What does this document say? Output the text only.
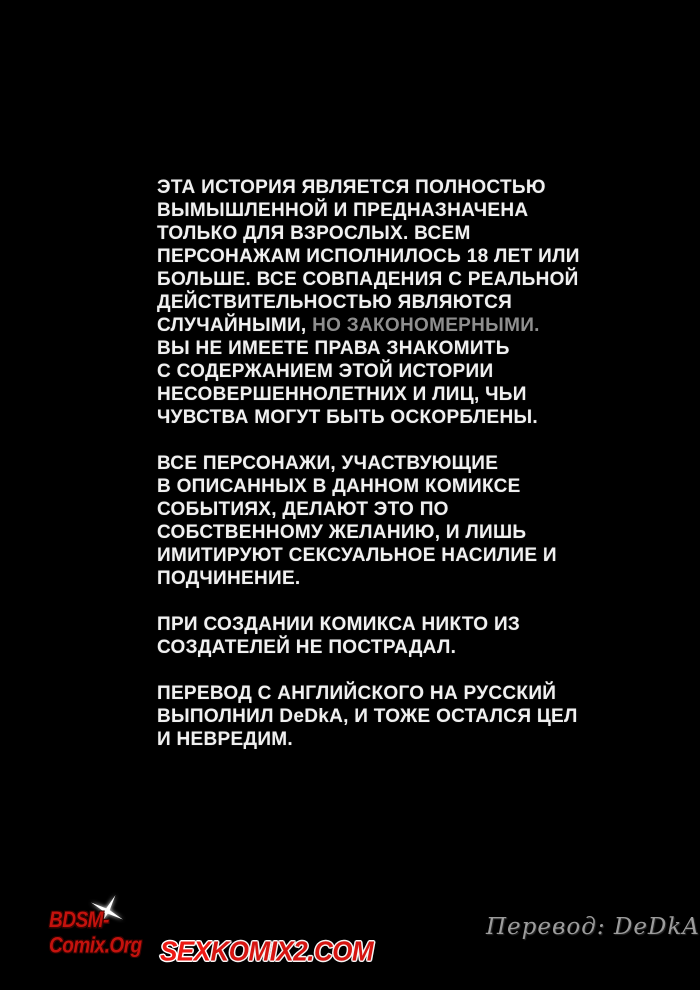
ЭТА ИСТОРИЯ ЯВЛЯЕТСЯ ПОЛНОСТЬЮ
ВЫМЫШЛЕННОЙ И ПРЕДНАЗНАЧЕНА
ТОЛЬКО ДЛЯ ВЗРОСЛЫХ. ВСЕМ
ПЕРСОНАЖАМ ИСПОЛНИЛОСЬ 18 ЛЕТ ИЛИ
БОЛЬШЕ. ВСЕ СОВПАДЕНИЯ С РЕАЛЬНОЙ
ДЕЙСТВИТЕЛЬНОСТЬЮ ЯВЛЯЮТСЯ
СЛУЧАЙНЫМИ, НО ЗАКОНОМЕРНЫМИ.
ВЫ НЕ ИМЕЕТЕ ПРАВА ЗНАКОМИТЬ
С СОДЕРЖАНИЕМ ЭТОЙ ИСТОРИИ
НЕСОВЕРШЕННОЛЕТНИХ И ЛИЦ, ЧЬИ
ЧУВСТВА МОГУТ БЫТЬ ОСКОРБЛЕНЫ.
ВСЕ ПЕРСОНАЖИ, УЧАСТВУЮЩИЕ
В ОПИСАННЫХ В ДАННОМ КОМИКСЕ
СОБЫТИЯХ, ДЕЛАЮТ ЭТО ПО
СОБСТВЕННОМУ ЖЕЛАНИЮ, И ЛИШЬ
ИМИТИРУЮТ СЕКСУАЛЬНОЕ НАСИЛИЕ И
ПОДЧИНЕНИЕ.
ПРИ СОЗДАНИИ КОМИКСА НИКТО ИЗ
СОЗДАТЕЛЕЙ НЕ ПОСТРАДАЛ.
ПЕРЕВОД С АНГЛИЙСКОГО НА РУССКИЙ
ВЫПОЛНИЛ DeDkA, И ТОЖЕ ОСТАЛСЯ ЦЕЛ
И НЕВРЕДИМ.
BDSM-Comix.Org SEXKOMIX2.COM
Перевод: DeDkA
